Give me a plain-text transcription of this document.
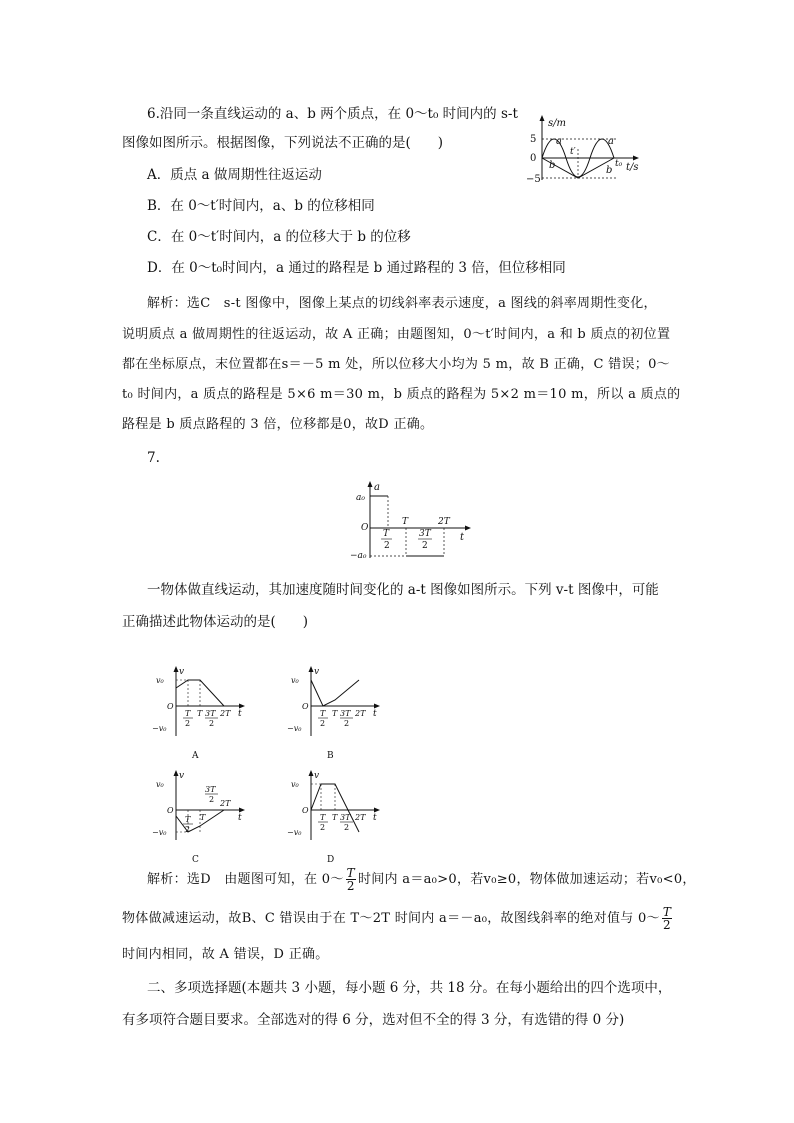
6.沿同一条直线运动的 a、b 两个质点，在 0～t₀ 时间内的 s-t
图像如图所示。根据图像，下列说法不正确的是(　　)
A．质点 a 做周期性往返运动
B．在 0～t′时间内，a、b 的位移相同
C．在 0～t′时间内，a 的位移大于 b 的位移
D．在 0～t₀时间内，a 通过的路程是 b 通过路程的 3 倍，但位移相同
s/m
5
0
−5
t′
t₀ t/s
a	a
b	b
解析：选C　s-t 图像中，图像上某点的切线斜率表示速度，a 图线的斜率周期性变化，
说明质点 a 做周期性的往返运动，故 A 正确；由题图知，0～t′时间内，a 和 b 质点的初位置
都在坐标原点，末位置都在s＝－5 m 处，所以位移大小均为 5 m，故 B 正确，C 错误；0～
t₀ 时间内，a 质点的路程是 5×6 m＝30 m，b 质点的路程为 5×2 m＝10 m，所以 a 质点的
路程是 b 质点路程的 3 倍，位移都是0，故D 正确。
7.
a
a₀
−a₀
O
t
T	2T
T
2
3T
2
一物体做直线运动，其加速度随时间变化的 a-t 图像如图所示。下列 v-t 图像中，可能
正确描述此物体运动的是(　　)
v
t
v₀
−v₀
O
A
T
2
T 3T
2
2T
v
t
v₀
−v₀
O
B
T
2
T 3T
2
2T
v
t
v₀
−v₀
O
C
T
2
T
3T
2 2T
v
t
v₀
−v₀
O
D
T
2
T 3T
2
2T
解析：选D　由题图可知，在 0～ $\frac{T}{2}$ 时间内 a＝a₀>0，若v₀≥0，物体做加速运动；若v₀<0，
物体做减速运动，故B、C 错误由于在 T～2T 时间内 a＝－a₀，故图线斜率的绝对值与 0～ $\frac{T}{2}$
时间内相同，故 A 错误，D 正确。
二、多项选择题(本题共 3 小题，每小题 6 分，共 18 分。在每小题给出的四个选项中，
有多项符合题目要求。全部选对的得 6 分，选对但不全的得 3 分，有选错的得 0 分)
